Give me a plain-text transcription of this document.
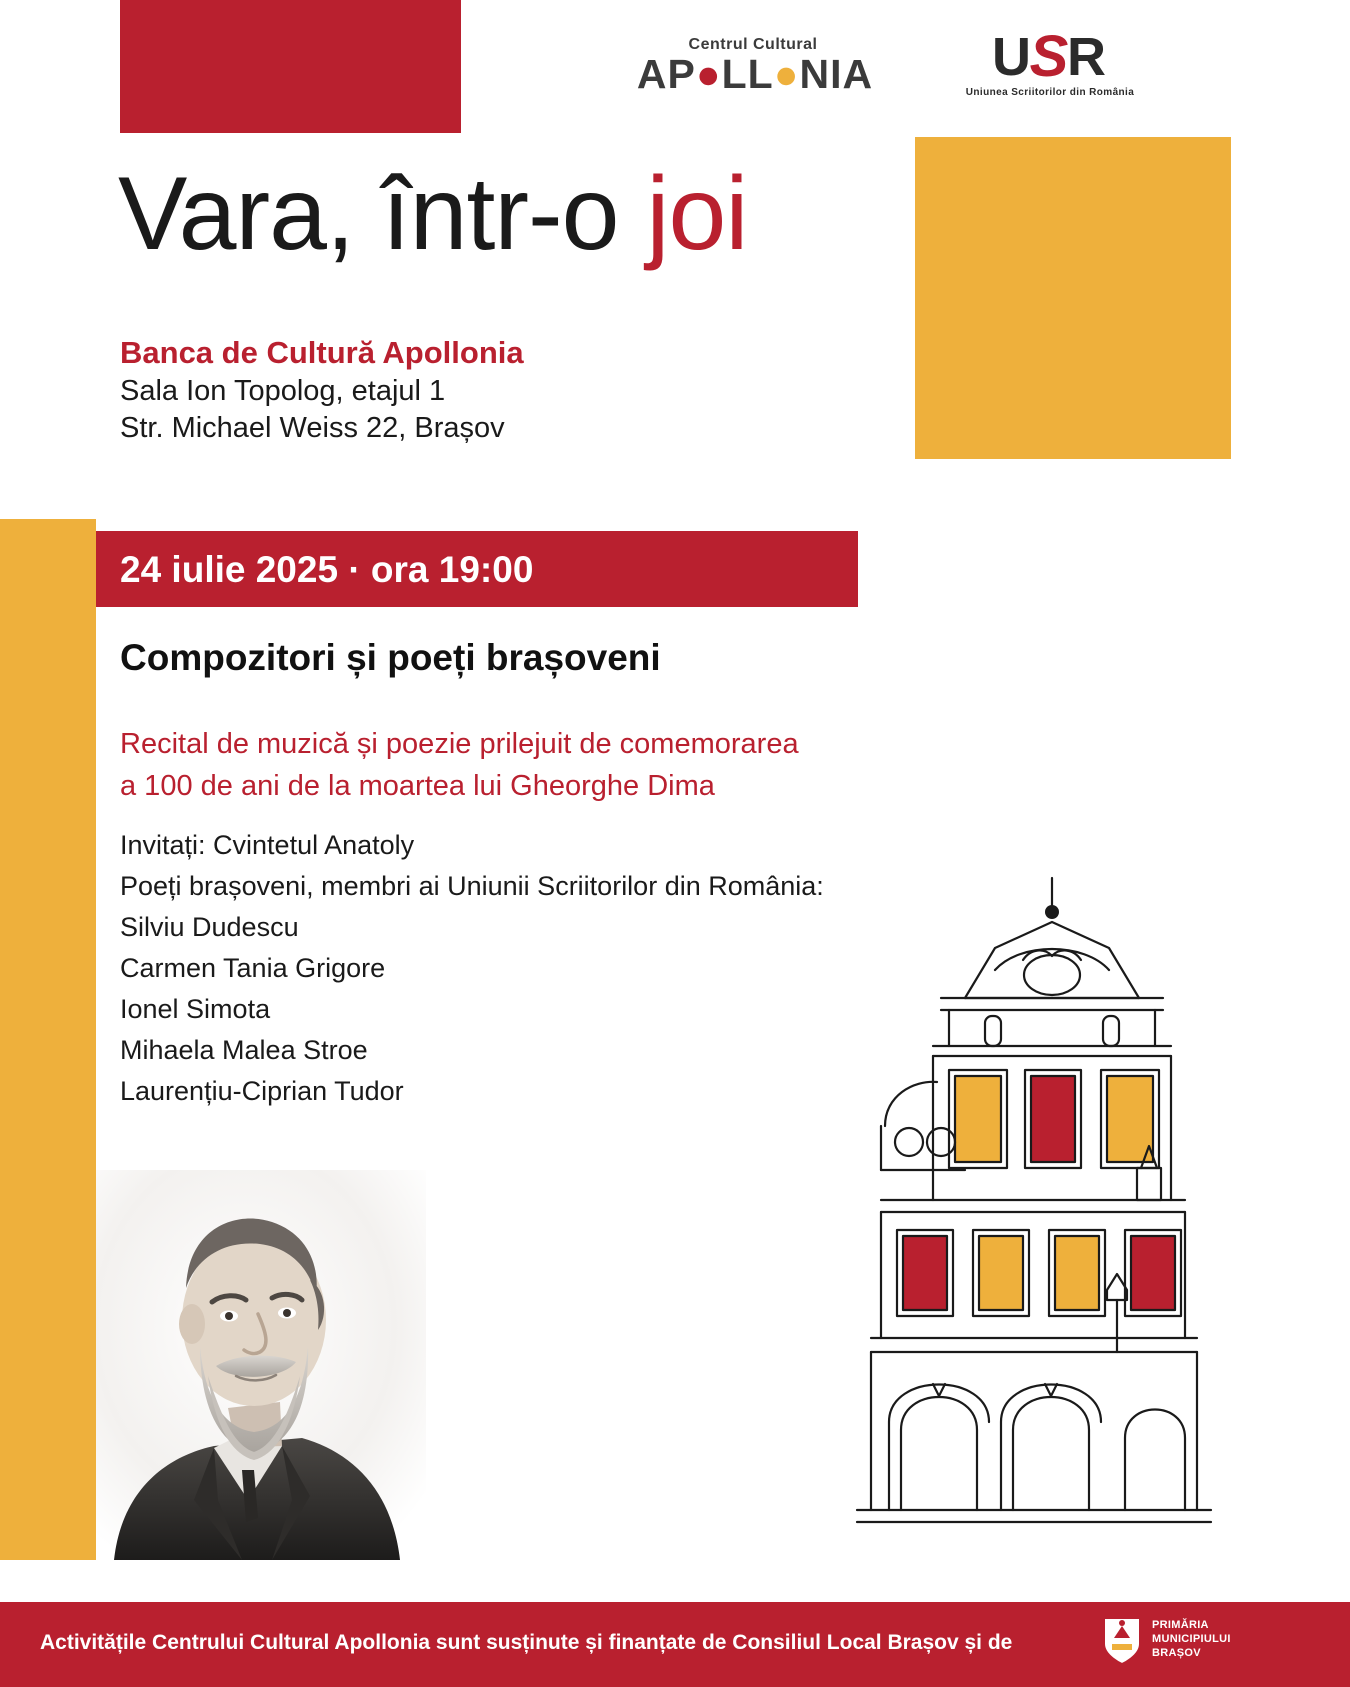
Centrul Cultural
AP●LL●NIA	U R
S
Uniunea Scriitorilor din România
Vara, într-o joi
Banca de Cultură Apollonia
Sala Ion Topolog, etajul 1
Str. Michael Weiss 22, Brașov
24 iulie 2025 · ora 19:00
Compozitori și poeți brașoveni
Recital de muzică și poezie prilejuit de comemorarea
a 100 de ani de la moartea lui Gheorghe Dima
Invitați: Cvintetul Anatoly
Poeți brașoveni, membri ai Uniunii Scriitorilor din România:
Silviu Dudescu
Carmen Tania Grigore
Ionel Simota
Mihaela Malea Stroe
Laurențiu-Ciprian Tudor
Activitățile Centrului Cultural Apollonia sunt susținute și finanțate de Consiliul Local Brașov și de
PRIMĂRIA
MUNICIPIULUI
BRAȘOV
